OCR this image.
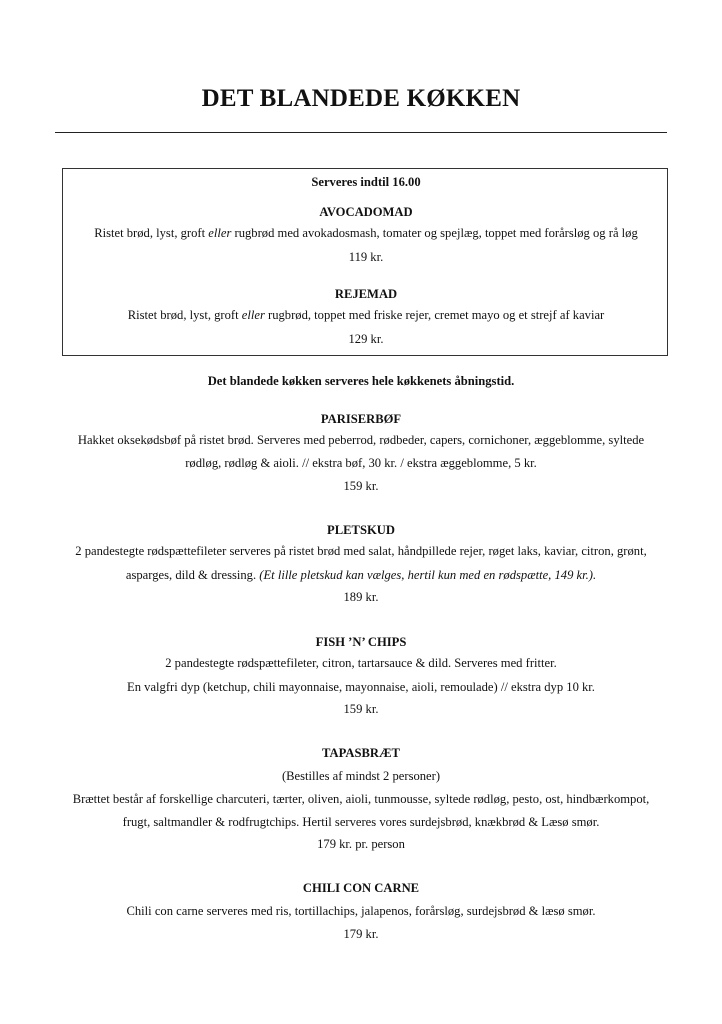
DET BLANDEDE KØKKEN
Serveres indtil 16.00
AVOCADOMAD
Ristet brød, lyst, groft eller rugbrød med avokadosmash, tomater og spejlæg, toppet med forårsløg og rå løg
119 kr.
REJEMAD
Ristet brød, lyst, groft eller rugbrød, toppet med friske rejer, cremet mayo og et strejf af kaviar
129 kr.
Det blandede køkken serveres hele køkkenets åbningstid.
PARISERBØF
Hakket oksekødsbøf på ristet brød. Serveres med peberrod, rødbeder, capers, cornichoner, æggeblomme, syltede
rødløg, rødløg & aioli. // ekstra bøf, 30 kr. / ekstra æggeblomme, 5 kr.
159 kr.
PLETSKUD
2 pandestegte rødspættefileter serveres på ristet brød med salat, håndpillede rejer, røget laks, kaviar, citron, grønt,
asparges, dild & dressing. (Et lille pletskud kan vælges, hertil kun med en rødspætte, 149 kr.).
189 kr.
FISH ’N’ CHIPS
2 pandestegte rødspættefileter, citron, tartarsauce & dild. Serveres med fritter.
En valgfri dyp (ketchup, chili mayonnaise, mayonnaise, aioli, remoulade) // ekstra dyp 10 kr.
159 kr.
TAPASBRÆT
(Bestilles af mindst 2 personer)
Brættet består af forskellige charcuteri, tærter, oliven, aioli, tunmousse, syltede rødløg, pesto, ost, hindbærkompot,
frugt, saltmandler & rodfrugtchips. Hertil serveres vores surdejsbrød, knækbrød & Læsø smør.
179 kr. pr. person
CHILI CON CARNE
Chili con carne serveres med ris, tortillachips, jalapenos, forårsløg, surdejsbrød & læsø smør.
179 kr.
